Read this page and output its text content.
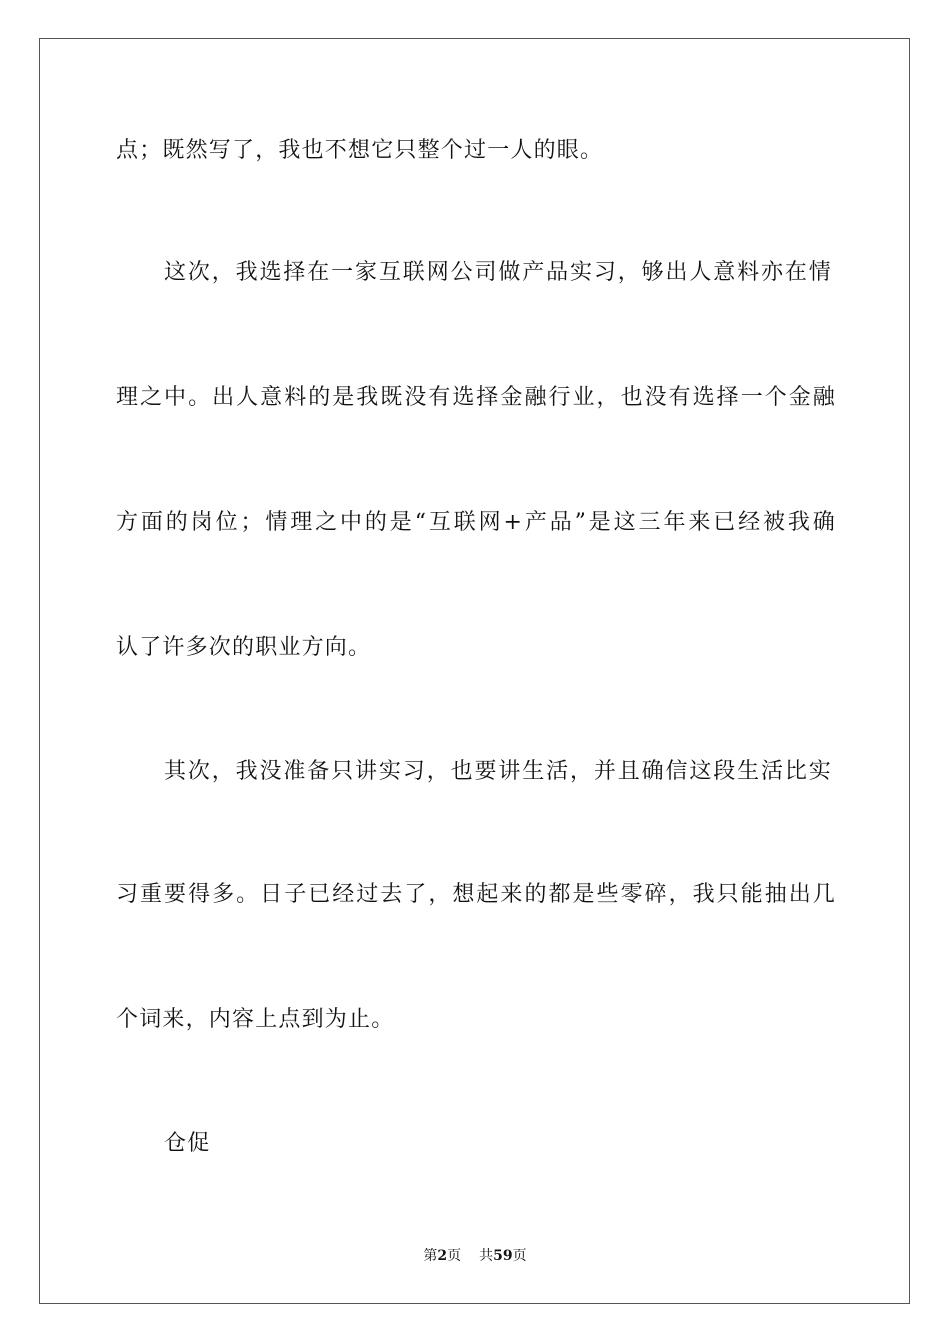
点；既然写了，我也不想它只整个过一人的眼。
这次，我选择在一家互联网公司做产品实习，够出人意料亦在情
理之中。出人意料的是我既没有选择金融行业，也没有选择一个金融
方面的岗位；情理之中的是“互联网+产品”是这三年来已经被我确
认了许多次的职业方向。
其次，我没准备只讲实习，也要讲生活，并且确信这段生活比实
习重要得多。日子已经过去了，想起来的都是些零碎，我只能抽出几
个词来，内容上点到为止。
仓促
第2页 共59页
